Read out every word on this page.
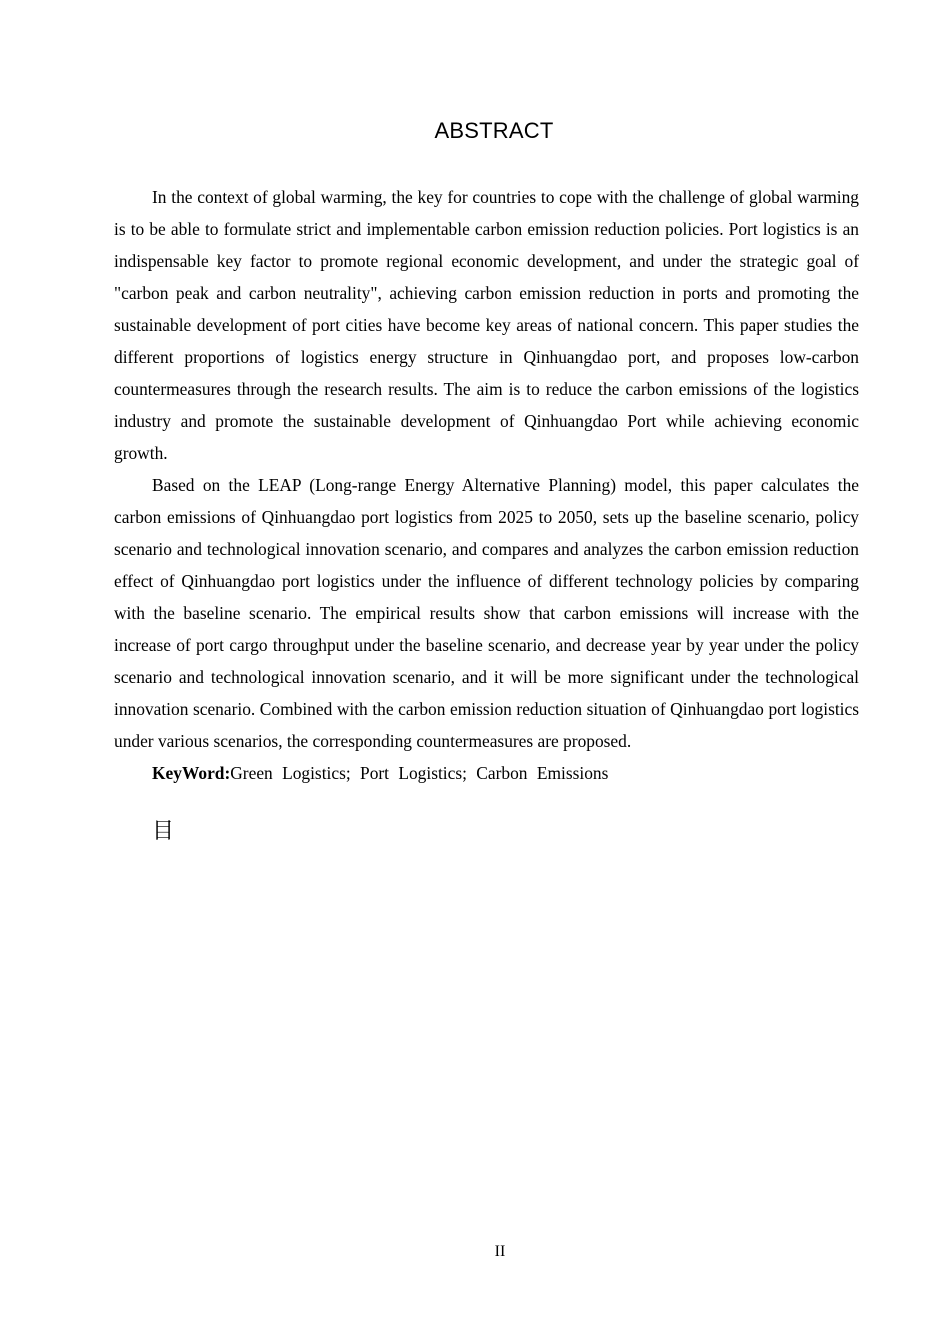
ABSTRACT

In the context of global warming, the key for countries to cope with the challenge of global warming is to be able to formulate strict and implementable carbon emission reduction policies. Port logistics is an indispensable key factor to promote regional economic development, and under the strategic goal of "carbon peak and carbon neutrality", achieving carbon emission reduction in ports and promoting the sustainable development of port cities have become key areas of national concern. This paper studies the different proportions of logistics energy structure in Qinhuangdao port, and proposes low-carbon countermeasures through the research results. The aim is to reduce the carbon emissions of the logistics industry and promote the sustainable development of Qinhuangdao Port while achieving economic growth.

Based on the LEAP (Long-range Energy Alternative Planning) model, this paper calculates the carbon emissions of Qinhuangdao port logistics from 2025 to 2050, sets up the baseline scenario, policy scenario and technological innovation scenario, and compares and analyzes the carbon emission reduction effect of Qinhuangdao port logistics under the influence of different technology policies by comparing with the baseline scenario. The empirical results show that carbon emissions will increase with the increase of port cargo throughput under the baseline scenario, and decrease year by year under the policy scenario and technological innovation scenario, and it will be more significant under the technological innovation scenario. Combined with the carbon emission reduction situation of Qinhuangdao port logistics under various scenarios, the corresponding countermeasures are proposed.

KeyWord:Green Logistics; Port Logistics; Carbon Emissions

目
II
